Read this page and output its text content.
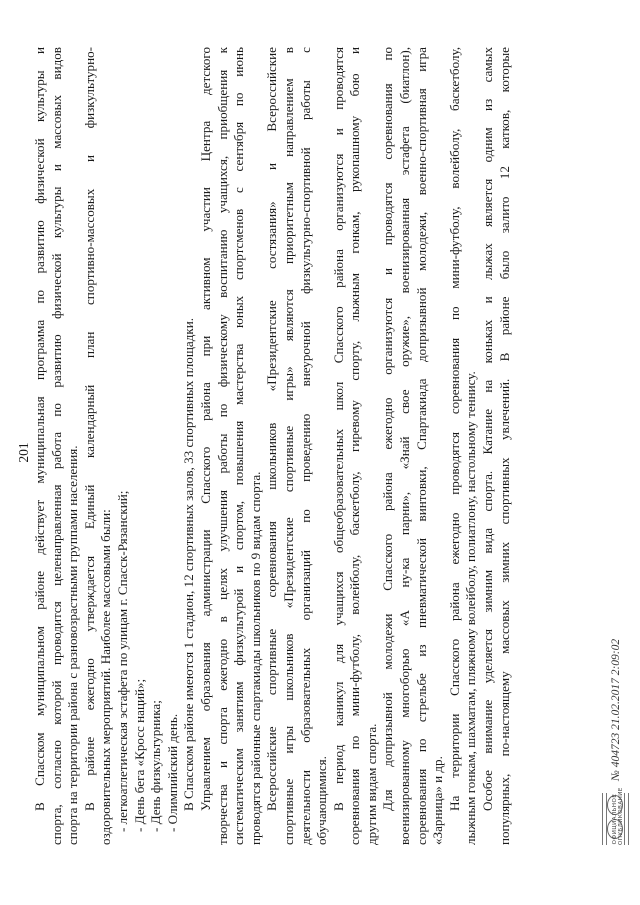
201 В Спасском муниципальном районе действует муниципальная программа по развитию физической культуры и спорта, согласно которой проводится целенаправленная работа по развитию физической культуры и массовых видов спорта на территории района с разновозрастными группами населения. В районе ежегодно утверждается Единый календарный план спортивно-массовых и физкультурно- оздоровительных мероприятий. Наиболее массовыми были: - легкоатлетическая эстафета по улицам г. Спасск-Рязанский; - День бега «Кросс наций»; - День физкультурника; - Олимпийский день. В Спасском районе имеются 1 стадион, 12 спортивных залов, 33 спортивных площадки. Управлением образования администрации Спасского района при активном участии Центра детского творчества и спорта ежегодно в целях улучшения работы по физическому воспитанию учащихся, приобщения к систематическим занятиям физкультурой и спортом, повышения мастерства юных спортсменов с сентября по июнь проводятся районные спартакиады школьников по 9 видам спорта. Всероссийские спортивные соревнования школьников «Президентские состязания» и Всероссийские спортивные игры школьников «Президентские спортивные игры» являются приоритетным направлением в деятельности образовательных организаций по проведению внеурочной физкультурно-спортивной работы с обучающимися. В период каникул для учащихся общеобразовательных школ Спасского района организуются и проводятся соревнования по мини-футболу, волейболу, баскетболу, гиревому спорту, лыжным гонкам, рукопашному бою и другим видам спорта. Для допризывной молодежи Спасского района ежегодно организуются и проводятся соревнования по военизированному многоборью «А ну-ка парни», «Знай свое оружие», военизированная эстафета (биатлон), соревнования по стрельбе из пневматической винтовки, Спартакиада допризывной молодежи, военно-спортивная игра «Зарница» и др. На территории Спасского района ежегодно проводятся соревнования по мини-футболу, волейболу, баскетболу, лыжным гонкам, шахматам, пляжному волейболу, полиатлону, настольному теннису. Особое внимание уделяется зимним вида спорта. Катание на коньках и лыжах является одним из самых популярных, по-настоящему массовых зимних спортивных увлечений. В районе было залито 12 катков, которые	ОФИЦИАЛЬНОЕ ОПУБЛИКОВАНИЕ
№ 404723 21.02.2017 2:09:02
